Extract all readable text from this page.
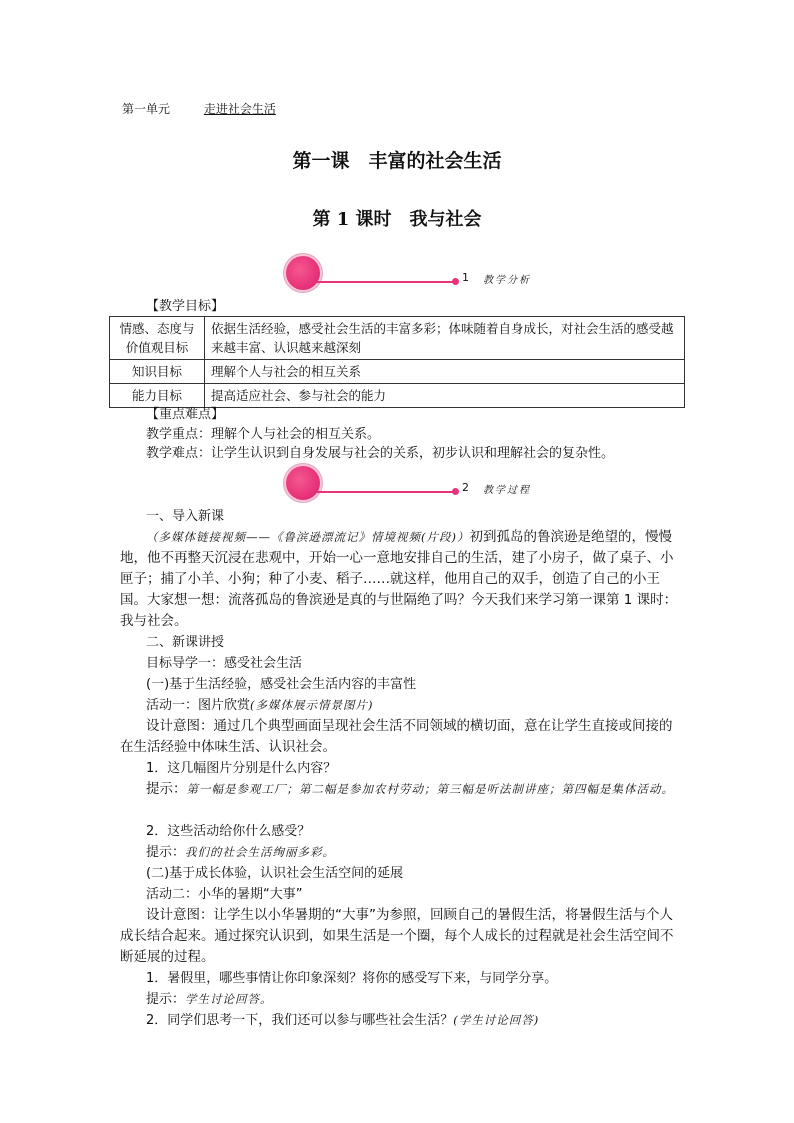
第一单元	走进社会生活
第一课　丰富的社会生活
第 1 课时　我与社会
1 教学分析
【教学目标】
情感、态度与价值观目标	依据生活经验，感受社会生活的丰富多彩；体味随着自身成长，对社会生活的感受越来越丰富、认识越来越深刻
知识目标	理解个人与社会的相互关系
能力目标	提高适应社会、参与社会的能力
【重点难点】
教学重点：理解个人与社会的相互关系。
教学难点：让学生认识到自身发展与社会的关系，初步认识和理解社会的复杂性。
2 教学过程
一、导入新课
（多媒体链接视频——《鲁滨逊漂流记》情境视频(片段)）初到孤岛的鲁滨逊是绝望的，慢慢地，他不再整天沉浸在悲观中，开始一心一意地安排自己的生活，建了小房子，做了桌子、小匣子；捕了小羊、小狗；种了小麦、稻子……就这样，他用自己的双手，创造了自己的小王国。大家想一想：流落孤岛的鲁滨逊是真的与世隔绝了吗？今天我们来学习第一课第 1 课时：我与社会。
二、新课讲授
目标导学一：感受社会生活
(一)基于生活经验，感受社会生活内容的丰富性
活动一：图片欣赏(多媒体展示情景图片)
设计意图：通过几个典型画面呈现社会生活不同领域的横切面，意在让学生直接或间接的在生活经验中体味生活、认识社会。
1．这几幅图片分别是什么内容？
提示：第一幅是参观工厂；第二幅是参加农村劳动；第三幅是听法制讲座；第四幅是集体活动。
2．这些活动给你什么感受？
提示：我们的社会生活绚丽多彩。
(二)基于成长体验，认识社会生活空间的延展
活动二：小华的暑期“大事”
设计意图：让学生以小华暑期的“大事”为参照，回顾自己的暑假生活，将暑假生活与个人成长结合起来。通过探究认识到，如果生活是一个圈，每个人成长的过程就是社会生活空间不断延展的过程。
1．暑假里，哪些事情让你印象深刻？将你的感受写下来，与同学分享。
提示：学生讨论回答。
2．同学们思考一下，我们还可以参与哪些社会生活？(学生讨论回答)
